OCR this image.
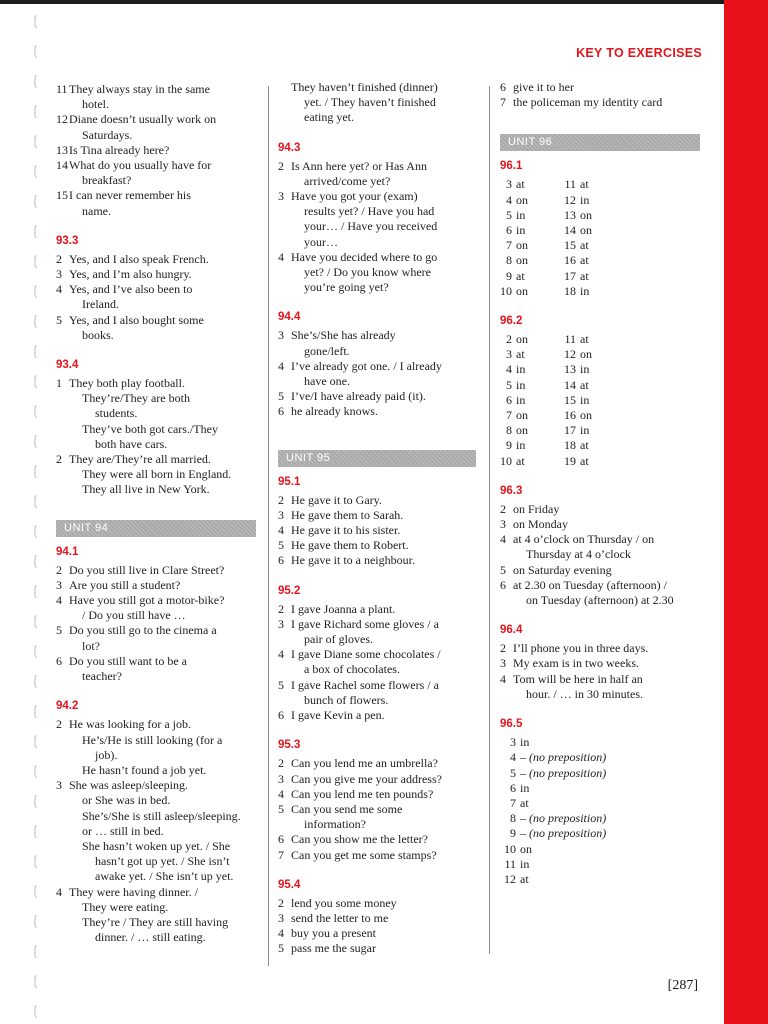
❲
❲
❲
❲
❲
❲
❲
❲
❲
❲
❲
❲
❲
❲
❲
❲
❲
❲
❲
❲
❲
❲
❲
❲
❲
❲
❲
❲
❲
❲
❲
❲
❲
❲
KEY TO EXERCISES
11 They always stay in the same
hotel.
12 Diane doesn’t usually work on
Saturdays.
13 Is Tina already here?
14 What do you usually have for
breakfast?
15 I can never remember his
name.
93.3
2 Yes, and I also speak French.
3 Yes, and I’m also hungry.
4 Yes, and I’ve also been to
Ireland.
5 Yes, and I also bought some
books.
93.4
1 They both play football.
They’re/They are both
students.
They’ve both got cars./They
both have cars.
2 They are/They’re all married.
They were all born in England.
They all live in New York.
UNIT 94
94.1
2 Do you still live in Clare Street?
3 Are you still a student?
4 Have you still got a motor-bike?
/ Do you still have …
5 Do you still go to the cinema a
lot?
6 Do you still want to be a
teacher?
94.2
2 He was looking for a job.
He’s/He is still looking (for a
job).
He hasn’t found a job yet.
3 She was asleep/sleeping.
or She was in bed.
She’s/She is still asleep/sleeping.
or … still in bed.
She hasn’t woken up yet. / She
hasn’t got up yet. / She isn’t
awake yet. / She isn’t up yet.
4 They were having dinner. /
They were eating.
They’re / They are still having
dinner. / … still eating.
They haven’t finished (dinner)
yet. / They haven’t finished
eating yet.
94.3
2 Is Ann here yet? or Has Ann
arrived/come yet?
3 Have you got your (exam)
results yet? / Have you had
your… / Have you received
your…
4 Have you decided where to go
yet? / Do you know where
you’re going yet?
94.4
3 She’s/She has already
gone/left.
4 I’ve already got one. / I already
have one.
5 I’ve/I have already paid (it).
6 he already knows.
UNIT 95
95.1
2 He gave it to Gary.
3 He gave them to Sarah.
4 He gave it to his sister.
5 He gave them to Robert.
6 He gave it to a neighbour.
95.2
2 I gave Joanna a plant.
3 I gave Richard some gloves / a
pair of gloves.
4 I gave Diane some chocolates /
a box of chocolates.
5 I gave Rachel some flowers / a
bunch of flowers.
6 I gave Kevin a pen.
95.3
2 Can you lend me an umbrella?
3 Can you give me your address?
4 Can you lend me ten pounds?
5 Can you send me some
information?
6 Can you show me the letter?
7 Can you get me some stamps?
95.4
2 lend you some money
3 send the letter to me
4 buy you a present
5 pass me the sugar
6 give it to her
7 the policeman my identity card
UNIT 96
96.1
3 at	11 at
4 on	12 in
5 in	13 on
6 in	14 on
7 on	15 at
8 on	16 at
9 at	17 at
10 on	18 in
96.2
2 on	11 at
3 at	12 on
4 in	13 in
5 in	14 at
6 in	15 in
7 on	16 on
8 on	17 in
9 in	18 at
10 at	19 at
96.3
2 on Friday
3 on Monday
4 at 4 o’clock on Thursday / on
Thursday at 4 o’clock
5 on Saturday evening
6 at 2.30 on Tuesday (afternoon) /
on Tuesday (afternoon) at 2.30
96.4
2 I’ll phone you in three days.
3 My exam is in two weeks.
4 Tom will be here in half an
hour. / … in 30 minutes.
96.5
3 in
4 – (no preposition)
5 – (no preposition)
6 in
7 at
8 – (no preposition)
9 – (no preposition)
10 on
11 in
12 at
[287]
